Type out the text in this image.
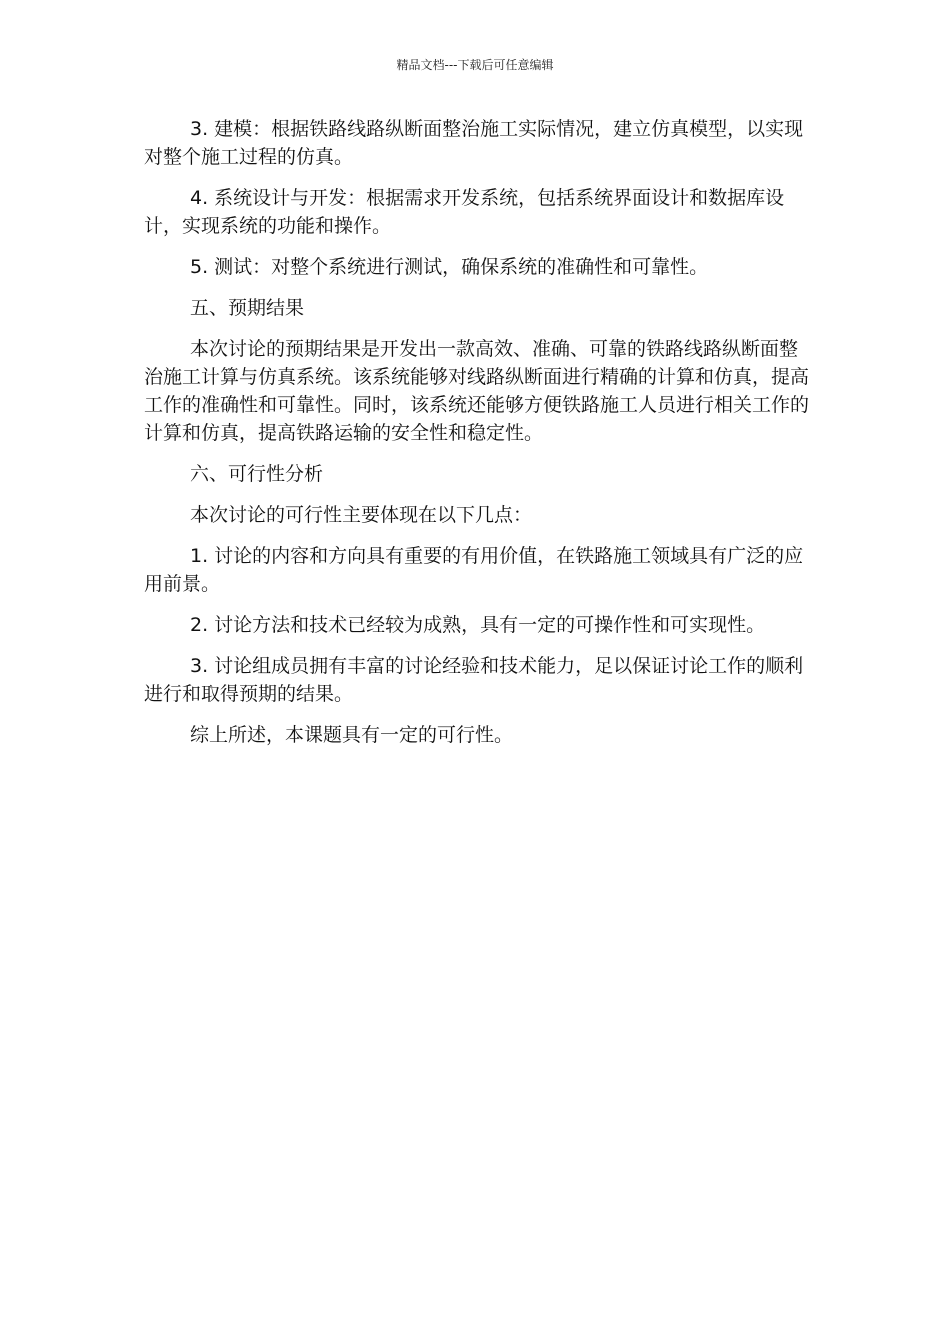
精品文档---下载后可任意编辑

3. 建模：根据铁路线路纵断面整治施工实际情况，建立仿真模型，以实现对整个施工过程的仿真。

4. 系统设计与开发：根据需求开发系统，包括系统界面设计和数据库设计，实现系统的功能和操作。

5. 测试：对整个系统进行测试，确保系统的准确性和可靠性。

五、预期结果

本次讨论的预期结果是开发出一款高效、准确、可靠的铁路线路纵断面整治施工计算与仿真系统。该系统能够对线路纵断面进行精确的计算和仿真，提高工作的准确性和可靠性。同时，该系统还能够方便铁路施工人员进行相关工作的计算和仿真，提高铁路运输的安全性和稳定性。

六、可行性分析

本次讨论的可行性主要体现在以下几点：

1. 讨论的内容和方向具有重要的有用价值，在铁路施工领域具有广泛的应用前景。

2. 讨论方法和技术已经较为成熟，具有一定的可操作性和可实现性。

3. 讨论组成员拥有丰富的讨论经验和技术能力，足以保证讨论工作的顺利进行和取得预期的结果。

综上所述，本课题具有一定的可行性。
